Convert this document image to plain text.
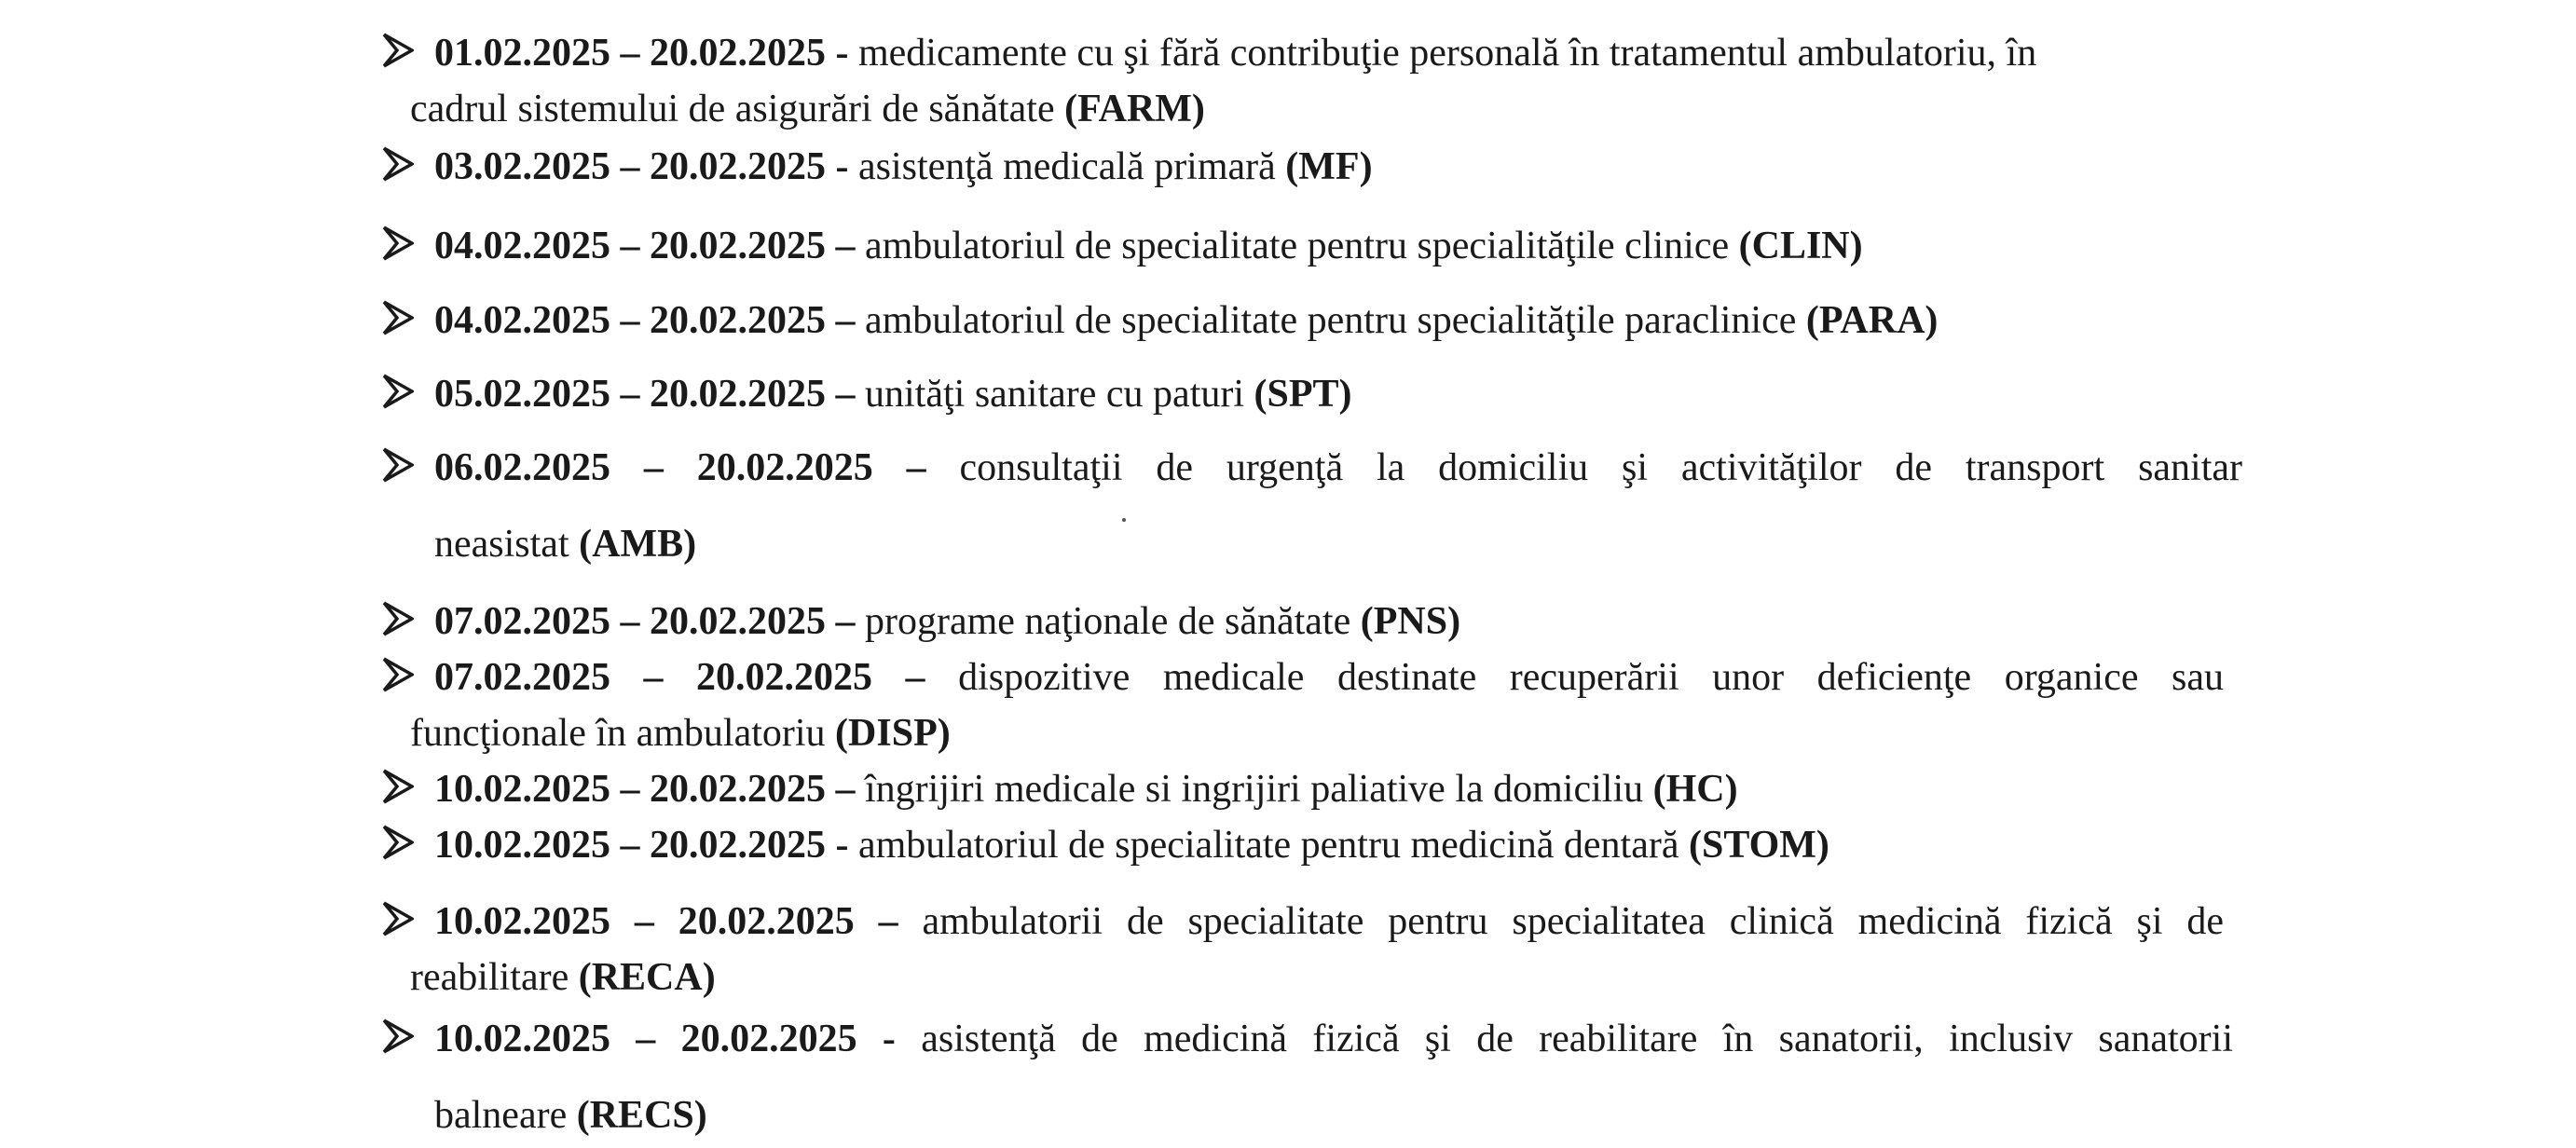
01.02.2025 – 20.02.2025 - medicamente cu şi fără contribuţie personală în tratamentul ambulatoriu, în
cadrul sistemului de asigurări de sănătate (FARM)
03.02.2025 – 20.02.2025 - asistenţă medicală primară (MF)
04.02.2025 – 20.02.2025 – ambulatoriul de specialitate pentru specialităţile clinice (CLIN)
04.02.2025 – 20.02.2025 – ambulatoriul de specialitate pentru specialităţile paraclinice (PARA)
05.02.2025 – 20.02.2025 – unităţi sanitare cu paturi (SPT)
06.02.2025 – 20.02.2025 – consultaţii de urgenţă la domiciliu şi activităţilor de transport sanitar
neasistat (AMB)
07.02.2025 – 20.02.2025 – programe naţionale de sănătate (PNS)
07.02.2025 – 20.02.2025 – dispozitive medicale destinate recuperării unor deficienţe organice sau
funcţionale în ambulatoriu (DISP)
10.02.2025 – 20.02.2025 – îngrijiri medicale si ingrijiri paliative la domiciliu (HC)
10.02.2025 – 20.02.2025 - ambulatoriul de specialitate pentru medicină dentară (STOM)
10.02.2025 – 20.02.2025 – ambulatorii de specialitate pentru specialitatea clinică medicină fizică şi de
reabilitare (RECA)
10.02.2025 – 20.02.2025 - asistenţă de medicină fizică şi de reabilitare în sanatorii, inclusiv sanatorii
balneare (RECS)
